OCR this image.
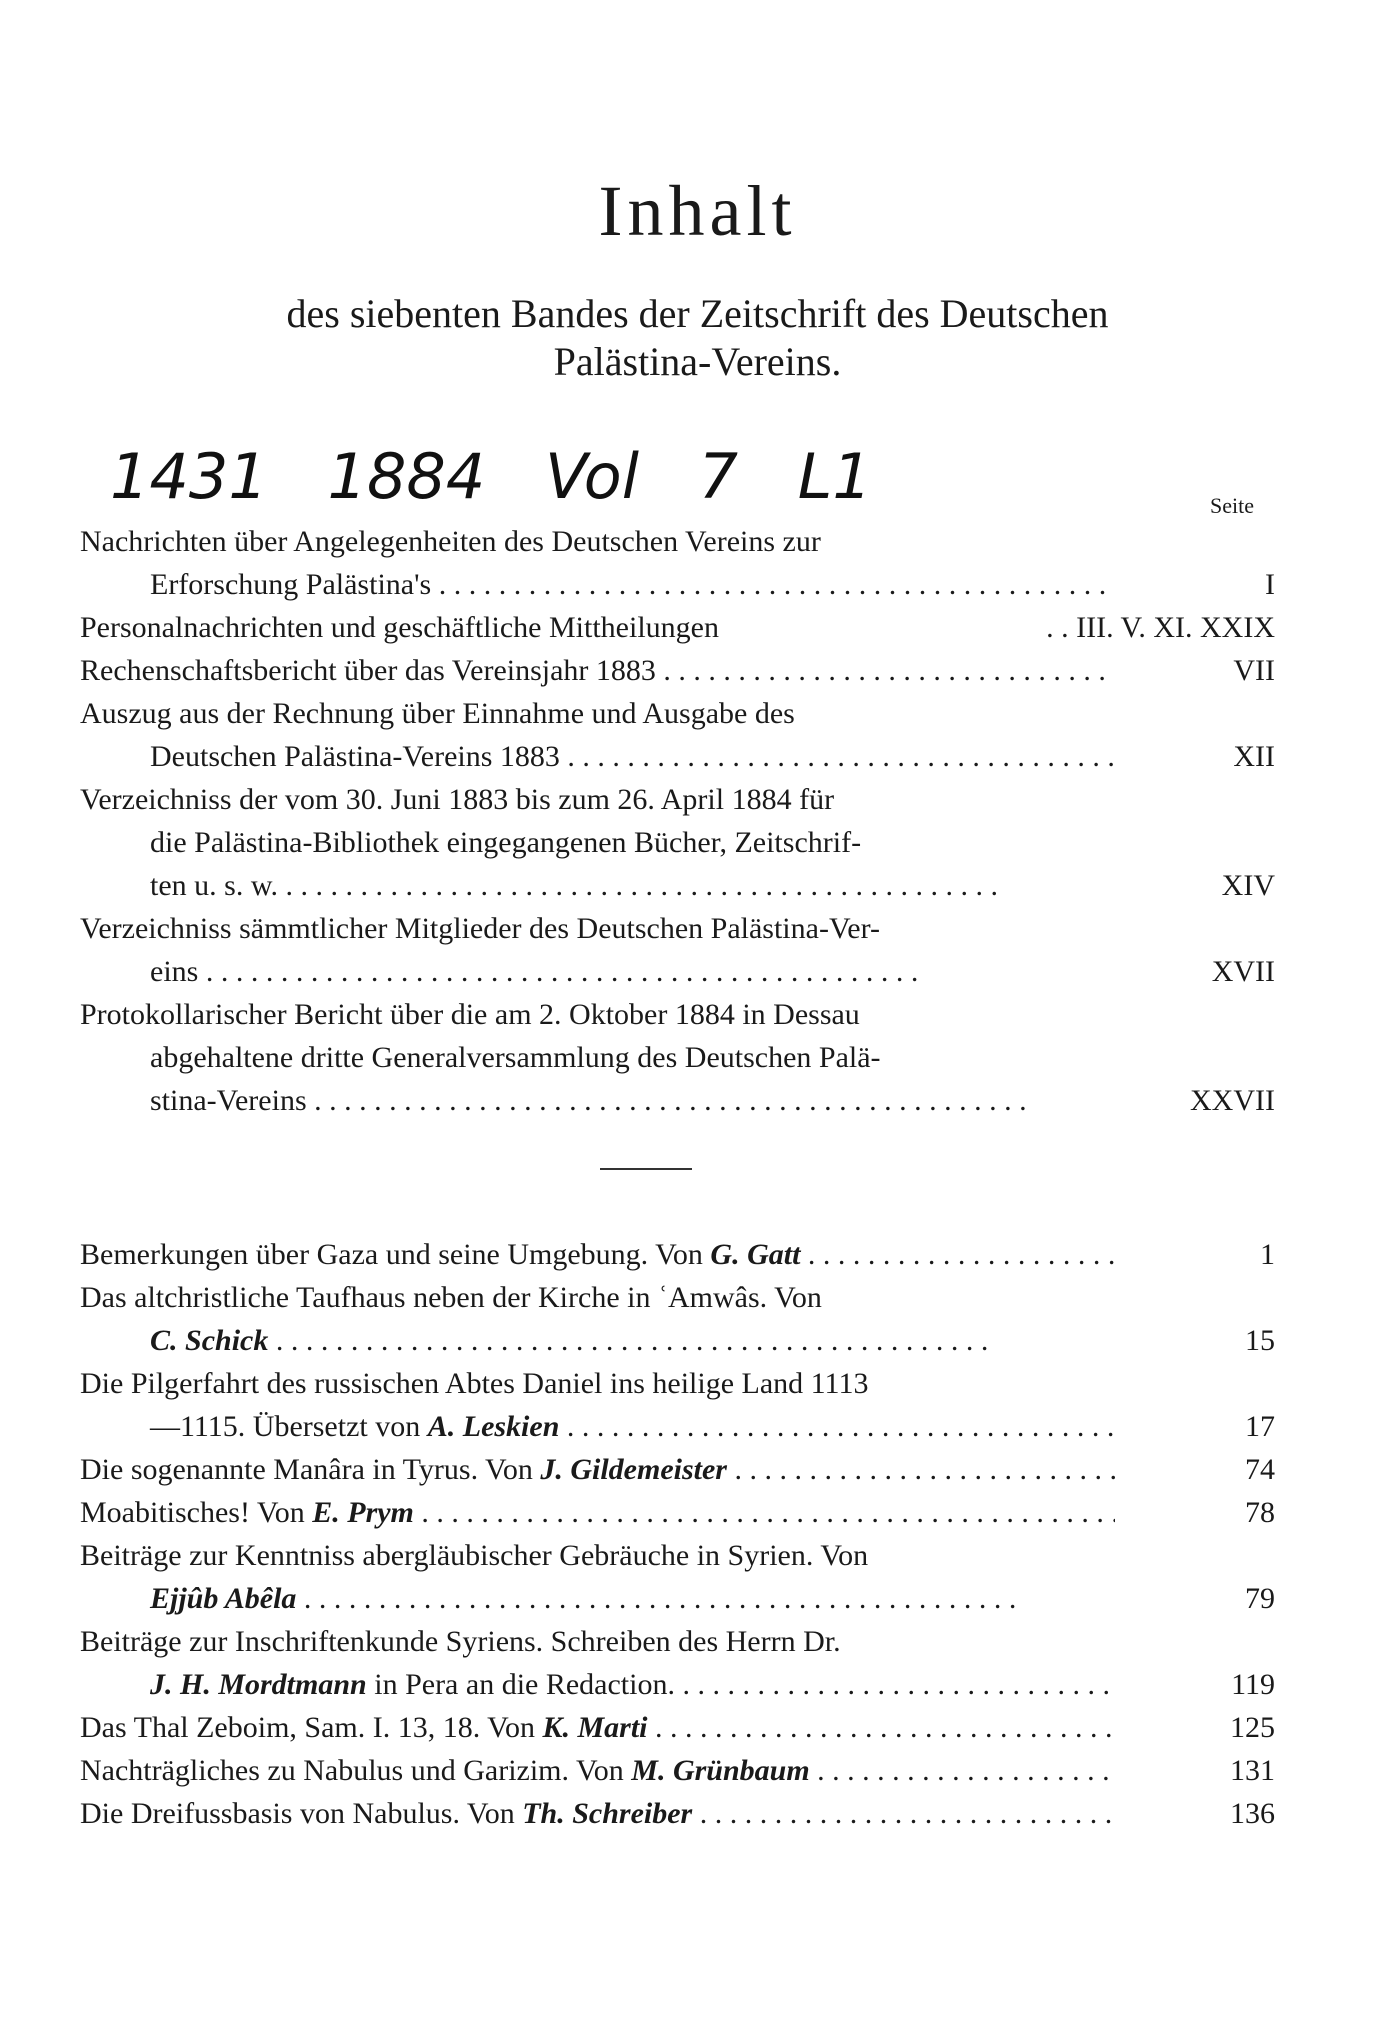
Inhalt
des siebenten Bandes der Zeitschrift des Deutschen
Palästina-Vereins.
1431 1884 Vol 7 L1	Seite
Nachrichten über Angelegenheiten des Deutschen Vereins zur
Erforschung Palästina's . . .	I
Personalnachrichten und geschäftliche Mittheilungen	. . III. V. XI. XXIX
Rechenschaftsbericht über das Vereinsjahr 1883 . . .	VII
Auszug aus der Rechnung über Einnahme und Ausgabe des
Deutschen Palästina-Vereins 1883 . . .	XII
Verzeichniss der vom 30. Juni 1883 bis zum 26. April 1884 für
die Palästina-Bibliothek eingegangenen Bücher, Zeitschrif-
ten u. s. w. . . .	XIV
Verzeichniss sämmtlicher Mitglieder des Deutschen Palästina-Ver-
eins . . .	XVII
Protokollarischer Bericht über die am 2. Oktober 1884 in Dessau
abgehaltene dritte Generalversammlung des Deutschen Palä-
stina-Vereins . . .	XXVII
Bemerkungen über Gaza und seine Umgebung. Von G. Gatt . . .	1
Das altchristliche Taufhaus neben der Kirche in ʿAmwâs. Von
C. Schick . . .	15
Die Pilgerfahrt des russischen Abtes Daniel ins heilige Land 1113
—1115. Übersetzt von A. Leskien . . .	17
Die sogenannte Manâra in Tyrus. Von J. Gildemeister . . .	74
Moabitisches! Von E. Prym . . .	78
Beiträge zur Kenntniss abergläubischer Gebräuche in Syrien. Von
Ejjûb Abêla . . .	79
Beiträge zur Inschriftenkunde Syriens. Schreiben des Herrn Dr.
J. H. Mordtmann in Pera an die Redaction. . . .	119
Das Thal Zeboim, Sam. I. 13, 18. Von K. Marti . . .	125
Nachträgliches zu Nabulus und Garizim. Von M. Grünbaum . . .	131
Die Dreifussbasis von Nabulus. Von Th. Schreiber . . .	136
